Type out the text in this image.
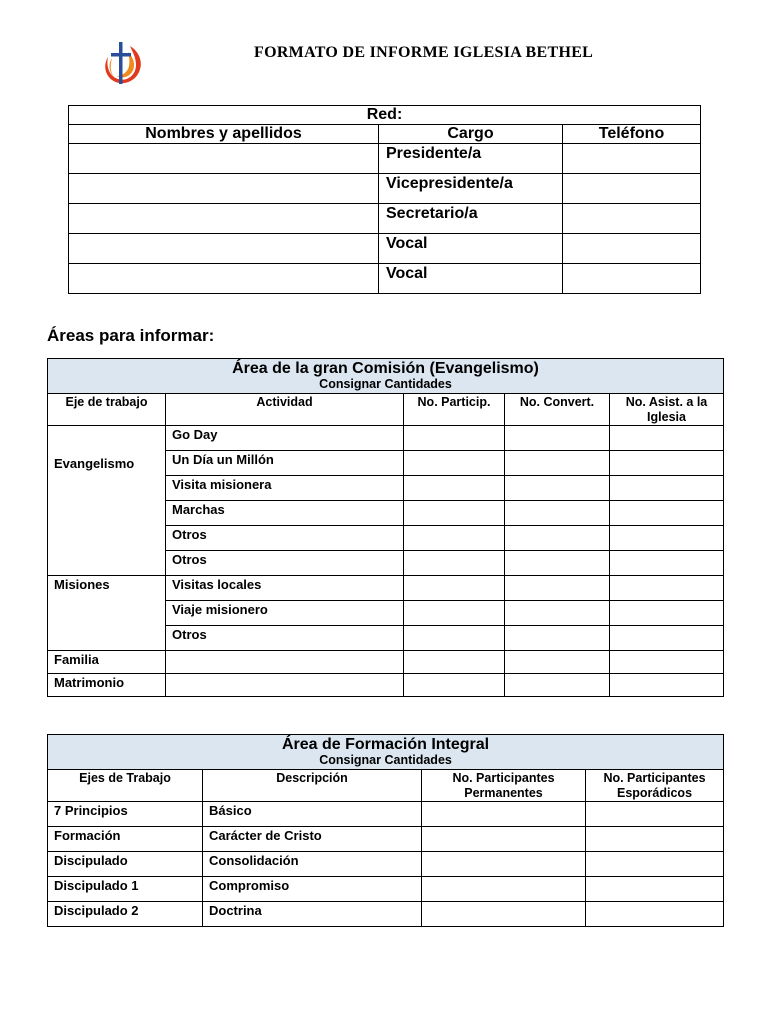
FORMATO DE INFORME IGLESIA BETHEL
Red:		
Nombres y apellidos	Cargo	Teléfono
	Presidente/a	
	Vicepresidente/a	
	Secretario/a	
	Vocal	
	Vocal	
Áreas para informar:
Área de la gran Comisión (Evangelismo)
Consignar Cantidades				

Eje de trabajo	Actividad	No. Particip.	No. Convert.	No. Asist. a la Iglesia
Evangelismo	Go Day			
	Un Día un Millón			
	Visita misionera			
	Marchas			
	Otros			
	Otros			
Misiones	Visitas locales			
	Viaje misionero			
	Otros			
Familia				
Matrimonio				
Área de Formación Integral
Consignar Cantidades			

Ejes de Trabajo	Descripción	No. Participantes Permanentes	No. Participantes Esporádicos
7 Principios	Básico		
Formación	Carácter de Cristo		
Discipulado	Consolidación		
Discipulado 1	Compromiso		
Discipulado 2	Doctrina		
